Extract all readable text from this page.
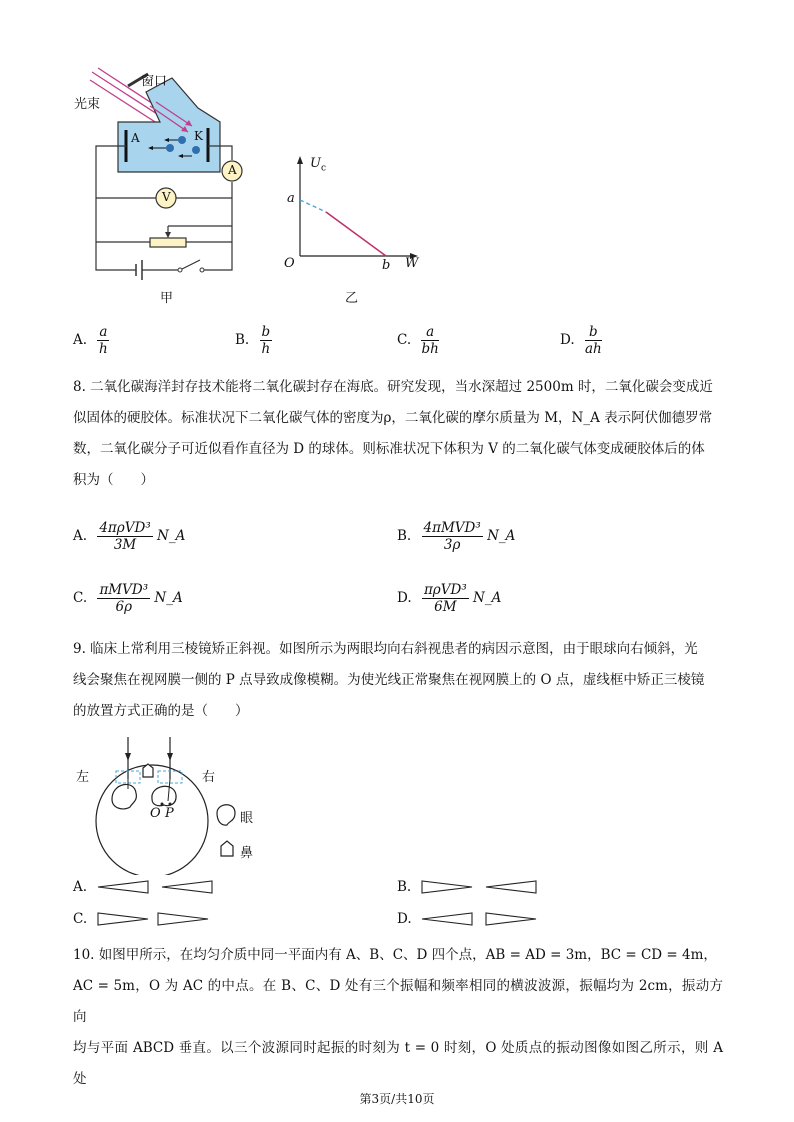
窗口
光束
A	K
A
V
甲
$U_c$
a
O	b W
乙
A. $\frac{a}{h}$	B. $\frac{b}{h}$	C. $\frac{a}{bh}$	D. $\frac{b}{ah}$
8. 二氧化碳海洋封存技术能将二氧化碳封存在海底。研究发现，当水深超过 2500m 时，二氧化碳会变成近
似固体的硬胶体。标准状况下二氧化碳气体的密度为ρ，二氧化碳的摩尔质量为 M，N_A 表示阿伏伽德罗常
数，二氧化碳分子可近似看作直径为 D 的球体。则标准状况下体积为 V 的二氧化碳气体变成硬胶体后的体
积为（　　）
A. $\frac{\text{4πρVD³}}{3M}$ N_A	B. $\frac{\text{4πMVD³}}{3\rho}$ N_A
C. $\frac{\text{πMVD³}}{6\rho}$ N_A	D. $\frac{\text{πρVD³}}{6M}$ N_A
9. 临床上常利用三棱镜矫正斜视。如图所示为两眼均向右斜视患者的病因示意图，由于眼球向右倾斜，光
线会聚焦在视网膜一侧的 P 点导致成像模糊。为使光线正常聚焦在视网膜上的 O 点，虚线框中矫正三棱镜
的放置方式正确的是（　　）
左	右
O P	眼
鼻
A.	B.
C.	D.
10. 如图甲所示，在均匀介质中同一平面内有 A、B、C、D 四个点，AB = AD = 3m，BC = CD = 4m，
AC = 5m，O 为 AC 的中点。在 B、C、D 处有三个振幅和频率相同的横波波源，振幅均为 2cm，振动方向
均与平面 ABCD 垂直。以三个波源同时起振的时刻为 t = 0 时刻，O 处质点的振动图像如图乙所示，则 A 处
第3页/共10页
